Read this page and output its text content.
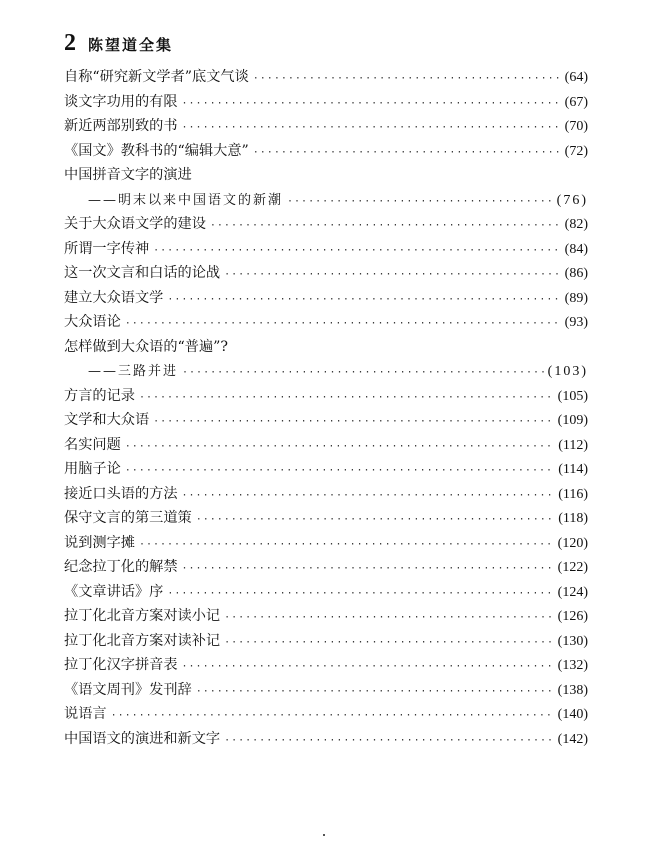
2 陈望道全集
自称“研究新文学者”底文气谈 ·····	(64)
谈文字功用的有限 ·····	(67)
新近两部别致的书 ·····	(70)
《国文》教科书的“编辑大意” ·····	(72)
中国拼音文字的演进
——明末以来中国语文的新潮 ·····	(76)
关于大众语文学的建设 ·····	(82)
所谓一字传神 ·····	(84)
这一次文言和白话的论战 ·····	(86)
建立大众语文学 ·····	(89)
大众语论 ·····	(93)
怎样做到大众语的“普遍”?
——三路并进 ·····	(103)
方言的记录 ·····	(105)
文学和大众语 ·····	(109)
名实问题 ·····	(112)
用脑子论 ·····	(114)
接近口头语的方法 ·····	(116)
保守文言的第三道策 ·····	(118)
说到测字摊 ·····	(120)
纪念拉丁化的解禁 ·····	(122)
《文章讲话》序 ·····	(124)
拉丁化北音方案对读小记 ·····	(126)
拉丁化北音方案对读补记 ·····	(130)
拉丁化汉字拼音表 ·····	(132)
《语文周刊》发刊辞 ·····	(138)
说语言 ·····	(140)
中国语文的演进和新文字 ·····	(142)
